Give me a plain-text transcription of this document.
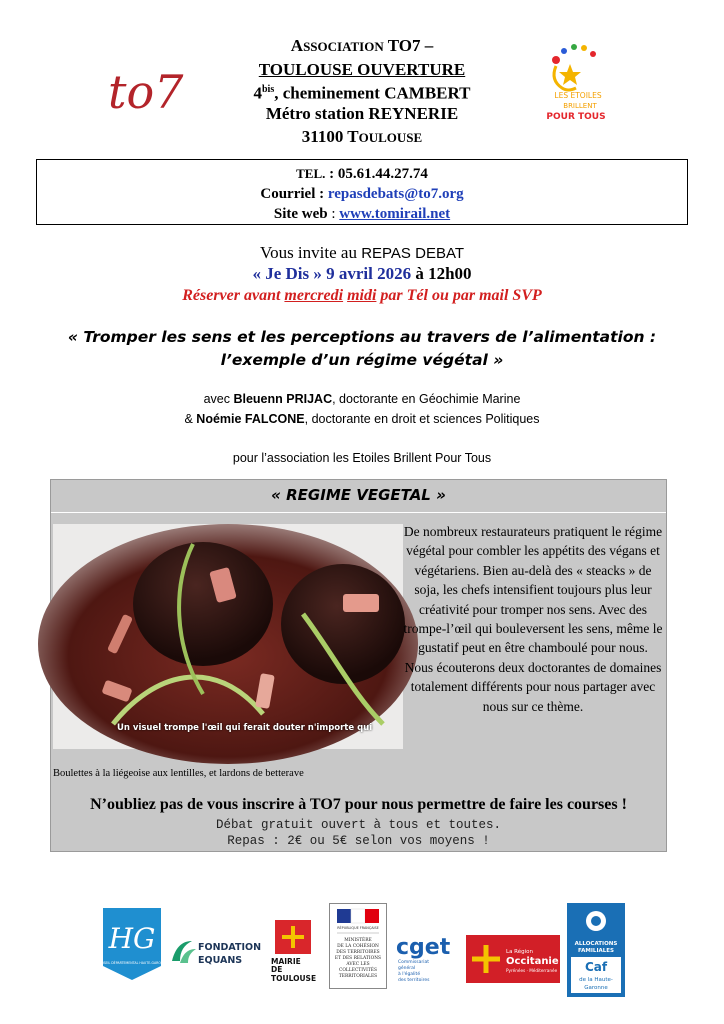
to7
ASSOCIATION TO7 –
TOULOUSE OUVERTURE
$4^{bis}$, cheminement CAMBERT
Métro station REYNERIE
31100 TOULOUSE
LES ETOILES
BRILLENT
POUR TOUS
TEL. : 05.61.44.27.74
Courriel : repasdebats@to7.org
Site web : www.tomirail.net
Vous invite au REPAS DEBAT
« Je Dis » 9 avril 2026 à 12h00
Réserver avant mercredi midi par Tél ou par mail SVP
« Tromper les sens et les perceptions au travers de l’alimentation :
l’exemple d’un régime végétal »
avec Bleuenn PRIJAC, doctorante en Géochimie Marine
& Noémie FALCONE, doctorante en droit et sciences Politiques
pour l’association les Etoiles Brillent Pour Tous
« REGIME VEGETAL »
Un visuel trompe l'œil qui ferait douter n'importe qui
De nombreux restaurateurs pratiquent le régime végétal pour combler les appétits des végans et végétariens. Bien au-delà des « steacks » de soja, les chefs intensifient toujours plus leur créativité pour tromper nos sens. Avec des trompe-l’œil qui bouleversent les sens, même le gustatif peut en être chamboulé pour nous. Nous écouterons deux doctorantes de domaines totalement différents pour nous partager avec nous sur ce thème.
Boulettes à la liégeoise aux lentilles, et lardons de betterave
N’oubliez pas de vous inscrire à TO7 pour nous permettre de faire les courses !
Débat gratuit ouvert à tous et toutes.
Repas : 2€ ou 5€ selon vos moyens !
HG
CONSEIL DÉPARTEMENTAL HAUTE-GARONNE
FONDATION
EQUANS	MAIRIE
DE
TOULOUSE
RÉPUBLIQUE FRANÇAISE
MINISTÈRE
DE LA COHÉSION
DES TERRITOIRES
ET DES RELATIONS
AVEC LES
COLLECTIVITÉS
TERRITORIALES
cget
Commissariat
général
à l'égalité
des territoires
La Région
Occitanie
Pyrénées · Méditerranée
ALLOCATIONS
FAMILIALES
Caf
de la Haute-
Garonne
